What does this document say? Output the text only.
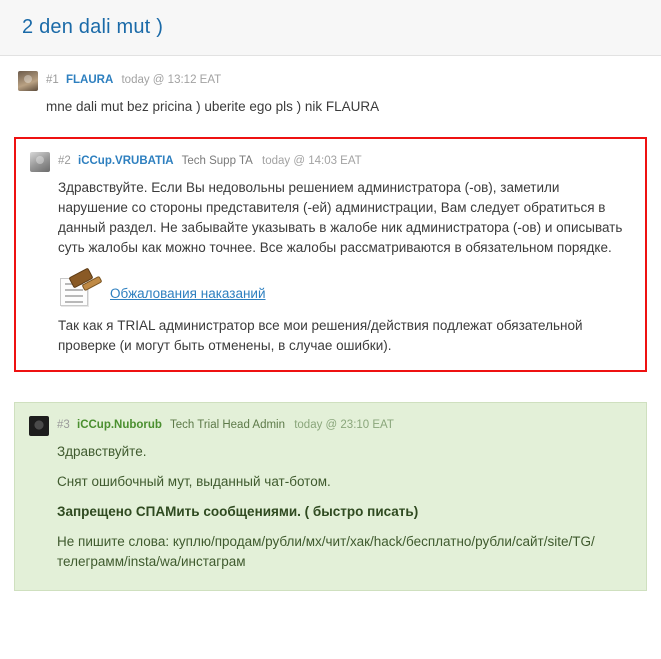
2 den dali mut )
#1 FLAURA today @ 13:12 EAT

mne dali mut bez pricina ) uberite ego pls ) nik FLAURA

#2 iCCup.VRUBATIA Tech Supp TA today @ 14:03 EAT

Здравствуйте. Если Вы недовольны решением администратора (-ов), заметили нарушение со стороны представителя (-ей) администрации, Вам следует обратиться в данный раздел. Не забывайте указывать в жалобе ник администратора (-ов) и описывать суть жалобы как можно точнее. Все жалобы рассматриваются в обязательном порядке.

Обжалования наказаний

Так как я TRIAL администратор все мои решения/действия подлежат обязательной проверке (и могут быть отменены, в случае ошибки).

#3 iCCup.Nuborub Tech Trial Head Admin today @ 23:10 EAT

Здравствуйте.

Снят ошибочный мут, выданный чат-ботом.

Запрещено СПАМить сообщениями. ( быстро писать)

Не пишите слова: куплю/продам/рубли/мх/чит/хак/hack/бесплатно/рубли/сайт/site/TG/телеграмм/insta/wa/инстаграм
